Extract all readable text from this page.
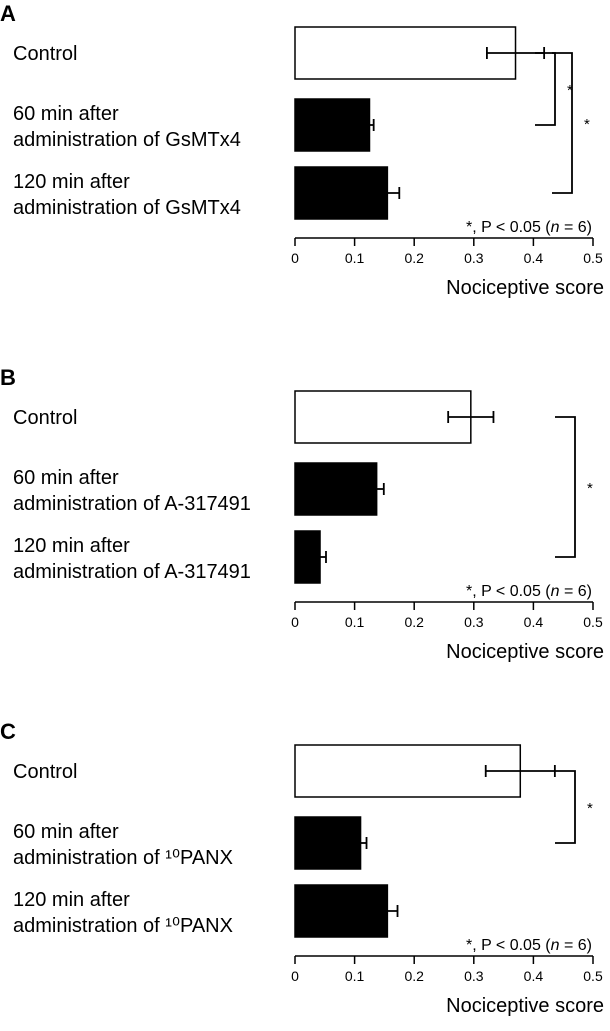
A
Control
60 min after
administration of GsMTx4
120 min after
administration of GsMTx4
*
*
*, P < 0.05 (n = 6)
0	0.1	0.2	0.3	0.4	0.5
Nociceptive score
B
Control
60 min after
administration of A-317491
120 min after
administration of A-317491
*
*, P < 0.05 (n = 6)
0	0.1	0.2	0.3	0.4	0.5
Nociceptive score
C
Control
60 min after
administration of ¹⁰PANX
120 min after
administration of ¹⁰PANX
*
*, P < 0.05 (n = 6)
0	0.1	0.2	0.3	0.4	0.5
Nociceptive score
